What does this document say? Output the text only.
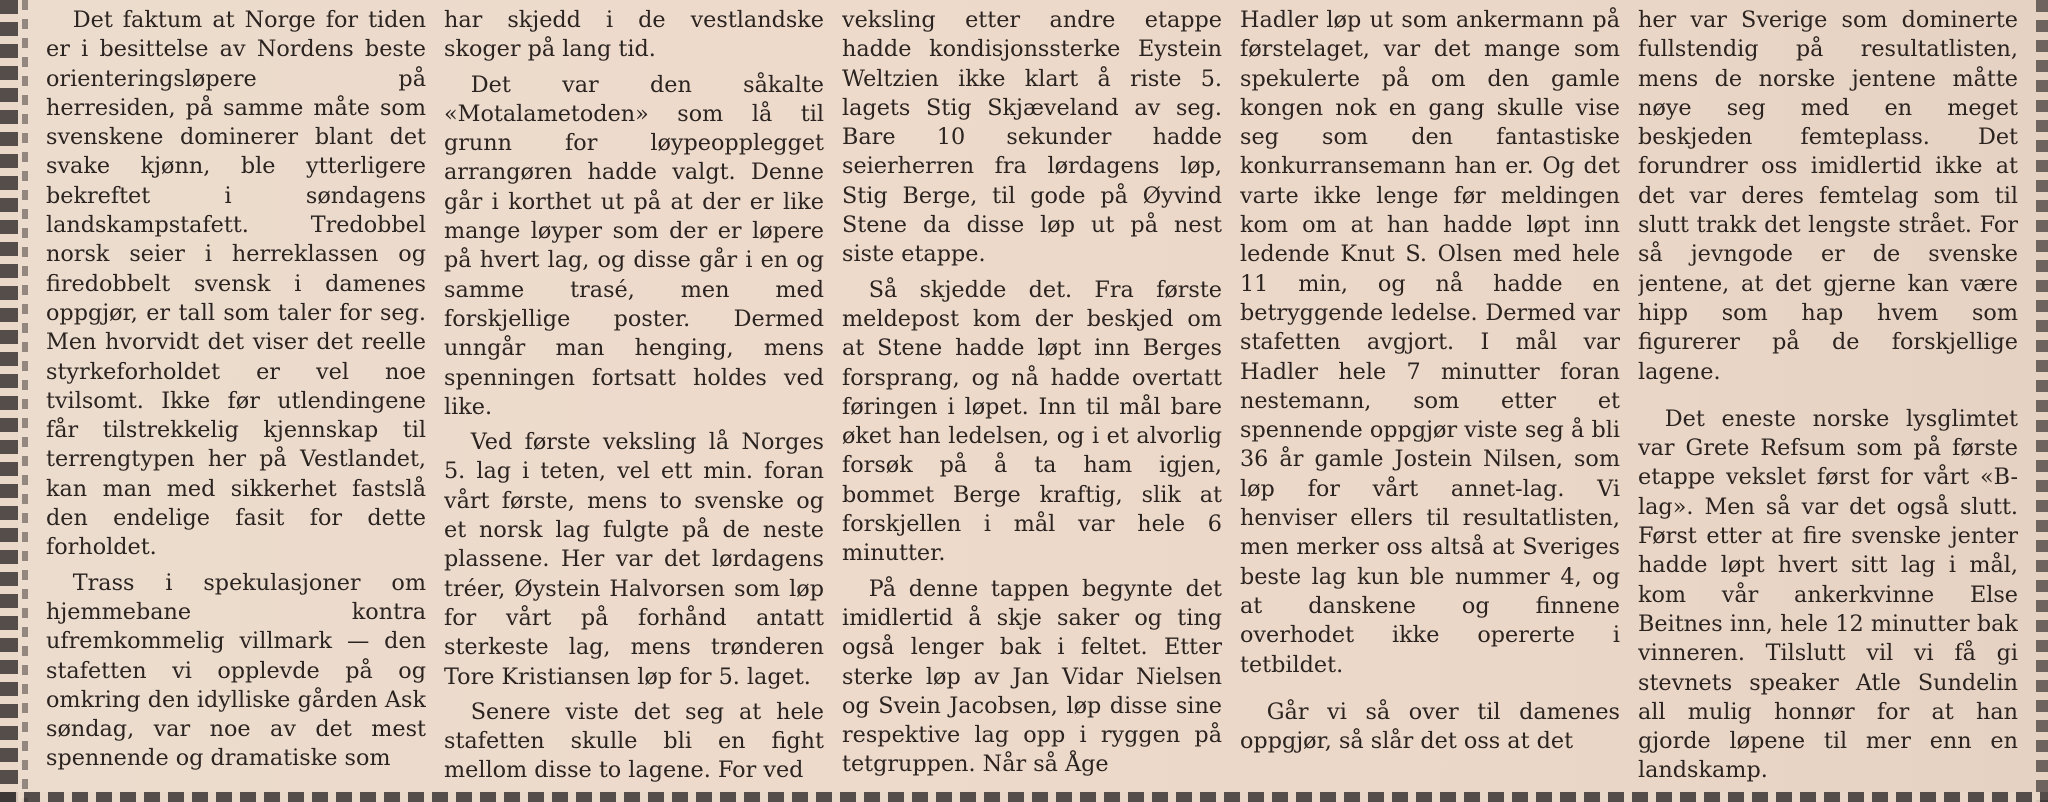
Det faktum at Norge for tiden er i besittelse av Nordens beste orienteringsløpere på herresiden, på samme måte som svenskene dominerer blant det svake kjønn, ble ytterligere bekreftet i søndagens landskampstafett. Tredobbel norsk seier i herreklassen og firedobbelt svensk i damenes oppgjør, er tall som taler for seg. Men hvorvidt det viser det reelle styrkeforholdet er vel noe tvilsomt. Ikke før utlendingene får tilstrekkelig kjennskap til terrengtypen her på Vestlandet, kan man med sikkerhet fastslå den endelige fasit for dette forholdet.

Trass i spekulasjoner om hjemmebane kontra ufremkommelig villmark — den stafetten vi opplevde på og omkring den idylliske gården Ask søndag, var noe av det mest spennende og dramatiske som

har skjedd i de vestlandske skoger på lang tid.

Det var den såkalte «Motalametoden» som lå til grunn for løypeopplegget arrangøren hadde valgt. Denne går i korthet ut på at der er like mange løyper som der er løpere på hvert lag, og disse går i en og samme trasé, men med forskjellige poster. Dermed unngår man henging, mens spenningen fortsatt holdes ved like.

Ved første veksling lå Norges 5. lag i teten, vel ett min. foran vårt første, mens to svenske og et norsk lag fulgte på de neste plassene. Her var det lørdagens tréer, Øystein Halvorsen som løp for vårt på forhånd antatt sterkeste lag, mens trønderen Tore Kristiansen løp for 5. laget.

Senere viste det seg at hele stafetten skulle bli en fight mellom disse to lagene. For ved

veksling etter andre etappe hadde kondisjonssterke Eystein Weltzien ikke klart å riste 5. lagets Stig Skjæveland av seg. Bare 10 sekunder hadde seierherren fra lørdagens løp, Stig Berge, til gode på Øyvind Stene da disse løp ut på nest siste etappe.

Så skjedde det. Fra første meldepost kom der beskjed om at Stene hadde løpt inn Berges forsprang, og nå hadde overtatt føringen i løpet. Inn til mål bare øket han ledelsen, og i et alvorlig forsøk på å ta ham igjen, bommet Berge kraftig, slik at forskjellen i mål var hele 6 minutter.

På denne tappen begynte det imidlertid å skje saker og ting også lenger bak i feltet. Etter sterke løp av Jan Vidar Nielsen og Svein Jacobsen, løp disse sine respektive lag opp i ryggen på tetgruppen. Når så Åge

Hadler løp ut som ankermann på førstelaget, var det mange som spekulerte på om den gamle kongen nok en gang skulle vise seg som den fantastiske konkurransemann han er. Og det varte ikke lenge før meldingen kom om at han hadde løpt inn ledende Knut S. Olsen med hele 11 min, og nå hadde en betryggende ledelse. Dermed var stafetten avgjort. I mål var Hadler hele 7 minutter foran nestemann, som etter et spennende oppgjør viste seg å bli 36 år gamle Jostein Nilsen, som løp for vårt annet-lag. Vi henviser ellers til resultatlisten, men merker oss altså at Sveriges beste lag kun ble nummer 4, og at danskene og finnene overhodet ikke opererte i tetbildet.

Går vi så over til damenes oppgjør, så slår det oss at det

her var Sverige som dominerte fullstendig på resultatlisten, mens de norske jentene måtte nøye seg med en meget beskjeden femteplass. Det forundrer oss imidlertid ikke at det var deres femtelag som til slutt trakk det lengste strået. For så jevngode er de svenske jentene, at det gjerne kan være hipp som hap hvem som figurerer på de forskjellige lagene.

Det eneste norske lysglimtet var Grete Refsum som på første etappe vekslet først for vårt «B-lag». Men så var det også slutt. Først etter at fire svenske jenter hadde løpt hvert sitt lag i mål, kom vår ankerkvinne Else Beitnes inn, hele 12 minutter bak vinneren. Tilslutt vil vi få gi stevnets speaker Atle Sundelin all mulig honnør for at han gjorde løpene til mer enn en landskamp.
